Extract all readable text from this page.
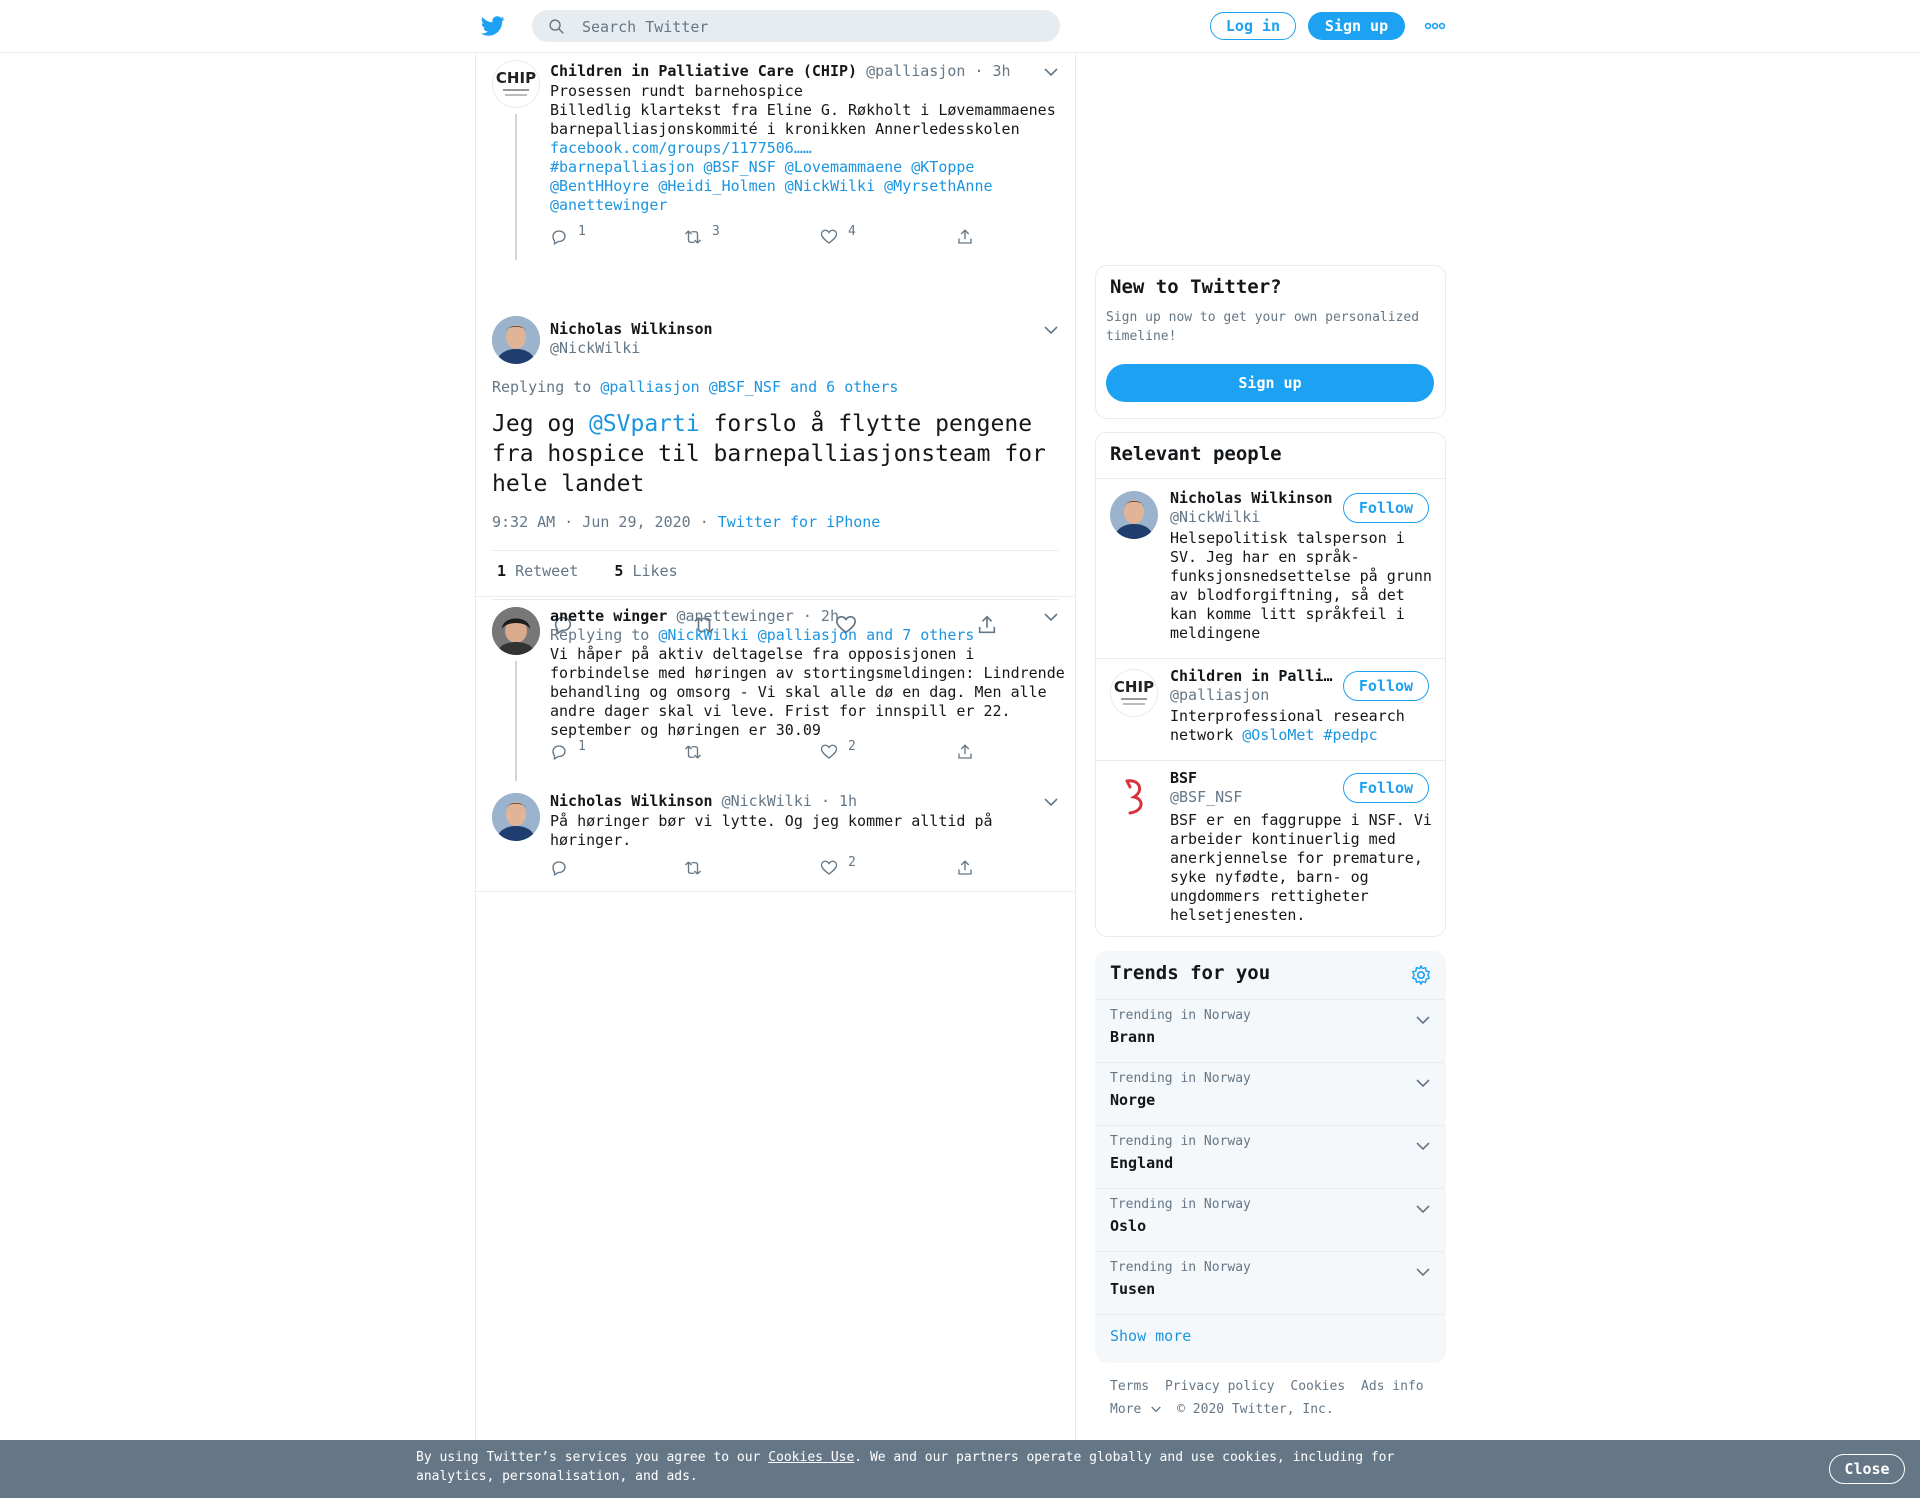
Search Twitter
Log in	Sign up
CHIP Children in Palliative Care (CHIP) @palliasjon · 3h
Prosessen rundt barnehospice
Billedlig klartekst fra Eline G. Røkholt i Løvemammaenes
barnepalliasjonskommité i kronikken Annerledesskolen
facebook.com/groups/1177506……
#barnepalliasjon @BSF_NSF @Lovemammaene @KToppe
@BentHHoyre @Heidi_Holmen @NickWilki @MyrsethAnne
@anettewinger
1	3	4
Nicholas Wilkinson
@NickWilki
Replying to @palliasjon @BSF_NSF and 6 others
Jeg og @SVparti forslo å flytte pengene fra hospice til barnepalliasjonsteam for hele landet
9:32 AM · Jun 29, 2020 · Twitter for iPhone
1 Retweet 5 Likes
anette winger @anettewinger · 2h
Replying to @NickWilki @palliasjon and 7 others
Vi håper på aktiv deltagelse fra opposisjonen i forbindelse med høringen av stortingsmeldingen: Lindrende behandling og omsorg - Vi skal alle dø en dag. Men alle andre dager skal vi leve. Frist for innspill er 22. september og høringen er 30.09
1	2
Nicholas Wilkinson @NickWilki · 1h
På høringer bør vi lytte. Og jeg kommer alltid på høringer.
2
New to Twitter?
Sign up now to get your own personalized timeline!
Sign up
Relevant people
Nicholas Wilkinson
@NickWilki	Follow
Helsepolitisk talsperson i SV. Jeg har en språk-funksjonsnedsettelse på grunn av blodforgiftning, så det kan komme litt språkfeil i meldingene
CHIP
Children in Palli…
@palliasjon	Follow
Interprofessional research network @OsloMet #pedpc
BSF
@BSF_NSF	Follow
BSF er en faggruppe i NSF. Vi arbeider kontinuerlig med anerkjennelse for premature, syke nyfødte, barn- og ungdommers rettigheter helsetjenesten.
Trends for you
Trending in Norway
Brann
Trending in Norway
Norge
Trending in Norway
England
Trending in Norway
Oslo
Trending in Norway
Tusen
Show more
Terms Privacy policy Cookies Ads info
More	© 2020 Twitter, Inc.
By using Twitter’s services you agree to our Cookies Use. We and our partners operate globally and use cookies, including for analytics, personalisation, and ads.	Close
